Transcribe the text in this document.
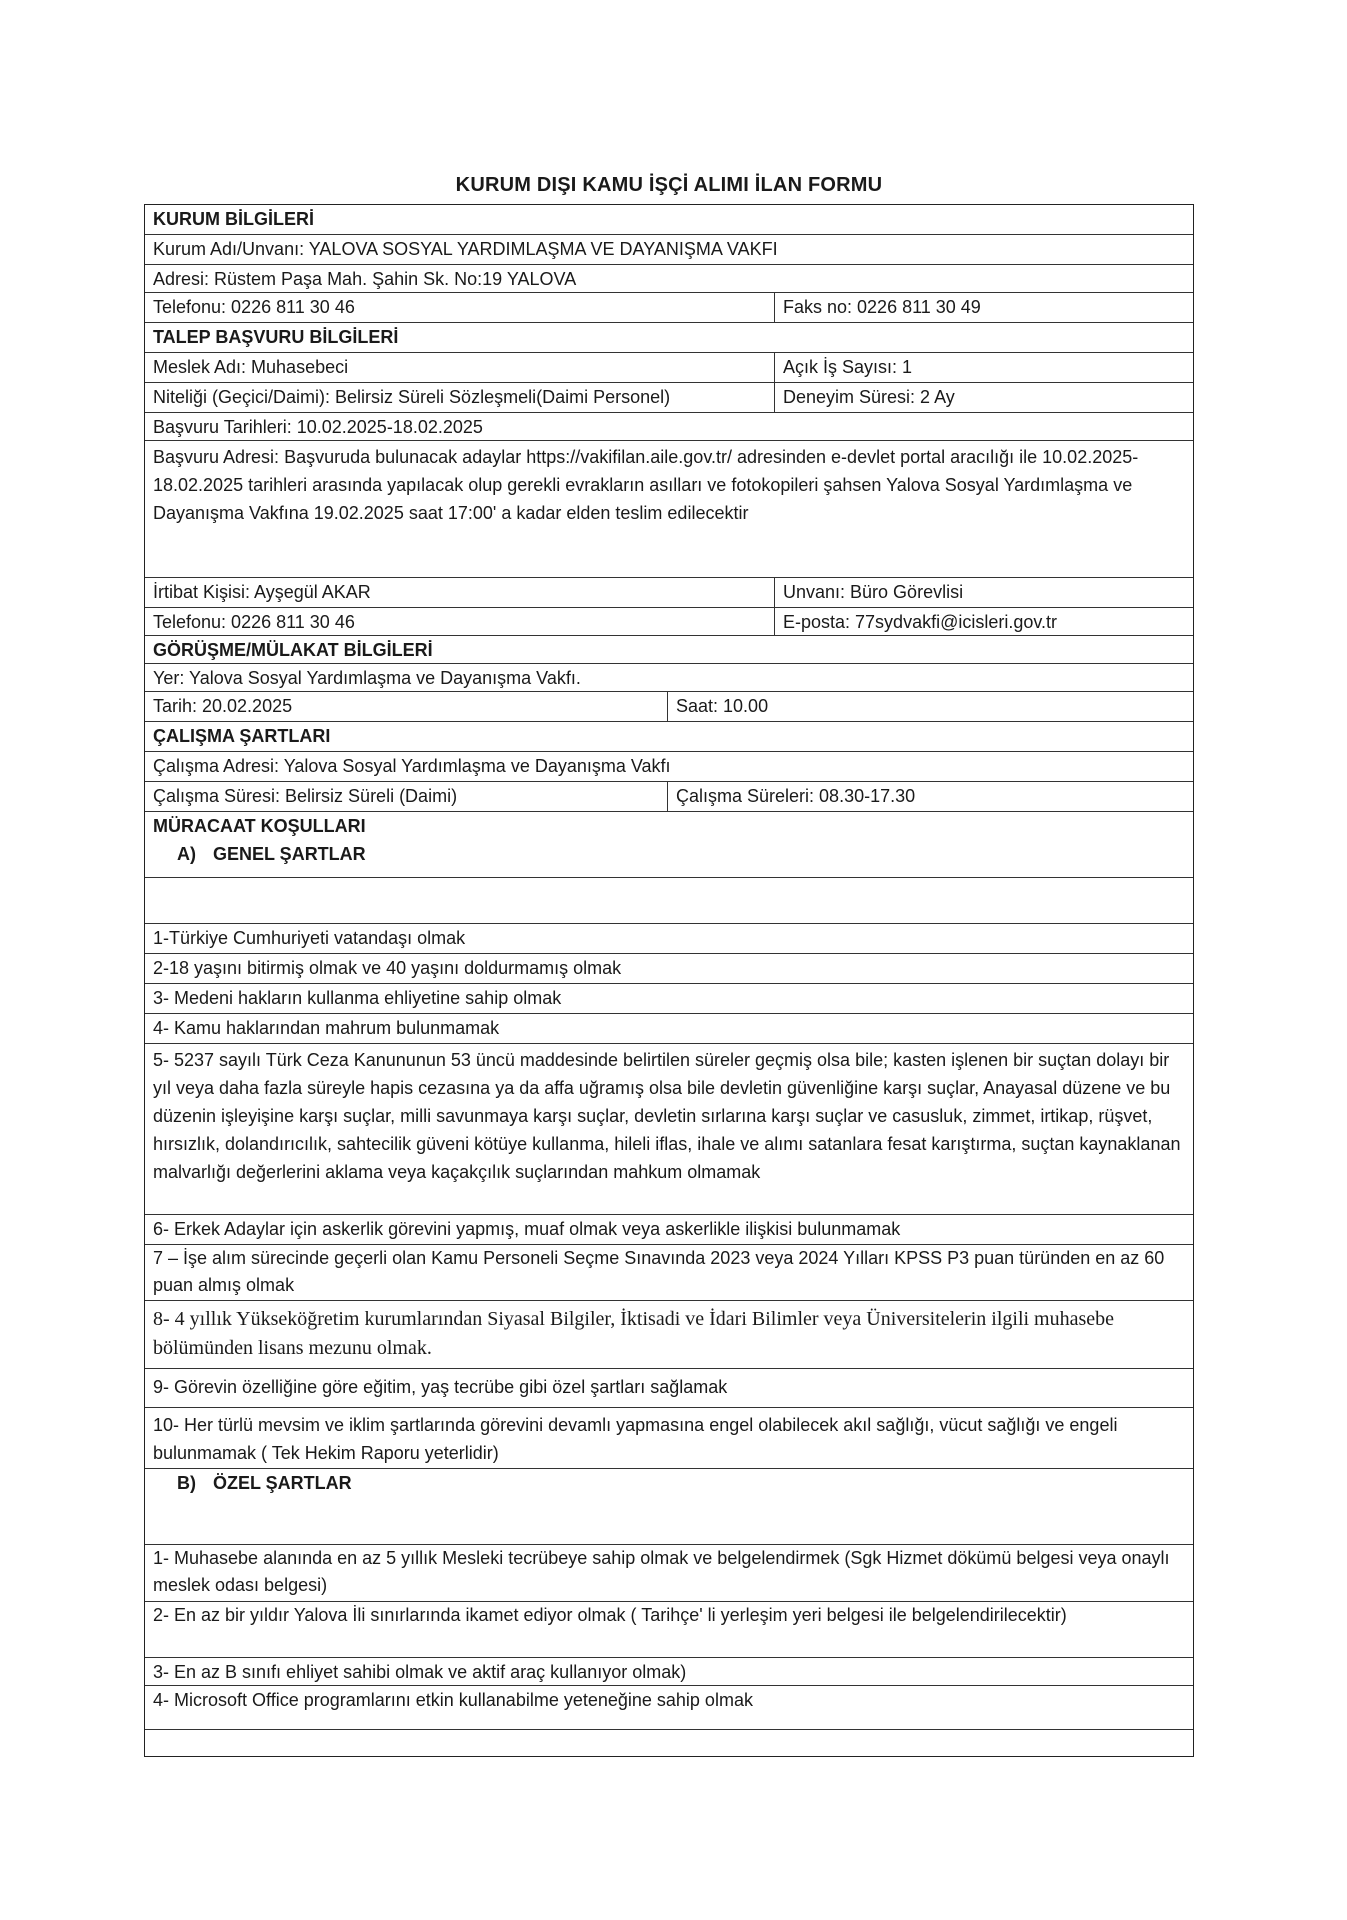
KURUM DIŞI KAMU İŞÇİ ALIMI İLAN FORMU
KURUM BİLGİLERİ
Kurum Adı/Unvanı: YALOVA SOSYAL YARDIMLAŞMA VE DAYANIŞMA VAKFI
Adresi: Rüstem Paşa Mah. Şahin Sk. No:19 YALOVA
Telefonu: 0226 811 30 46	Faks no: 0226 811 30 49
TALEP BAŞVURU BİLGİLERİ
Meslek Adı: Muhasebeci	Açık İş Sayısı: 1
Niteliği (Geçici/Daimi): Belirsiz Süreli Sözleşmeli(Daimi Personel)	Deneyim Süresi: 2 Ay
Başvuru Tarihleri: 10.02.2025-18.02.2025
Başvuru Adresi: Başvuruda bulunacak adaylar https://vakifilan.aile.gov.tr/ adresinden e-devlet portal aracılığı ile 10.02.2025-18.02.2025 tarihleri arasında yapılacak olup gerekli evrakların asılları ve fotokopileri şahsen Yalova Sosyal Yardımlaşma ve Dayanışma Vakfına 19.02.2025 saat 17:00' a kadar elden teslim edilecektir
İrtibat Kişisi: Ayşegül AKAR	Unvanı: Büro Görevlisi
Telefonu: 0226 811 30 46	E-posta: 77sydvakfi@icisleri.gov.tr
GÖRÜŞME/MÜLAKAT BİLGİLERİ
Yer: Yalova Sosyal Yardımlaşma ve Dayanışma Vakfı.
Tarih: 20.02.2025	Saat: 10.00
ÇALIŞMA ŞARTLARI
Çalışma Adresi: Yalova Sosyal Yardımlaşma ve Dayanışma Vakfı
Çalışma Süresi: Belirsiz Süreli (Daimi)	Çalışma Süreleri: 08.30-17.30
MÜRACAAT KOŞULLARI
A) GENEL ŞARTLAR
1-Türkiye Cumhuriyeti vatandaşı olmak
2-18 yaşını bitirmiş olmak ve 40 yaşını doldurmamış olmak
3- Medeni hakların kullanma ehliyetine sahip olmak
4- Kamu haklarından mahrum bulunmamak
5- 5237 sayılı Türk Ceza Kanununun 53 üncü maddesinde belirtilen süreler geçmiş olsa bile; kasten işlenen bir suçtan dolayı bir yıl veya daha fazla süreyle hapis cezasına ya da affa uğramış olsa bile devletin güvenliğine karşı suçlar, Anayasal düzene ve bu düzenin işleyişine karşı suçlar, milli savunmaya karşı suçlar, devletin sırlarına karşı suçlar ve casusluk, zimmet, irtikap, rüşvet, hırsızlık, dolandırıcılık, sahtecilik güveni kötüye kullanma, hileli iflas, ihale ve alımı satanlara fesat karıştırma, suçtan kaynaklanan malvarlığı değerlerini aklama veya kaçakçılık suçlarından mahkum olmamak
6- Erkek Adaylar için askerlik görevini yapmış, muaf olmak veya askerlikle ilişkisi bulunmamak
7 – İşe alım sürecinde geçerli olan Kamu Personeli Seçme Sınavında 2023 veya 2024 Yılları KPSS P3 puan türünden en az 60 puan almış olmak
8- 4 yıllık Yükseköğretim kurumlarından Siyasal Bilgiler, İktisadi ve İdari Bilimler veya Üniversitelerin ilgili muhasebe bölümünden lisans mezunu olmak.
9- Görevin özelliğine göre eğitim, yaş tecrübe gibi özel şartları sağlamak
10- Her türlü mevsim ve iklim şartlarında görevini devamlı yapmasına engel olabilecek akıl sağlığı, vücut sağlığı ve engeli bulunmamak ( Tek Hekim Raporu yeterlidir)
B) ÖZEL ŞARTLAR
1- Muhasebe alanında en az 5 yıllık Mesleki tecrübeye sahip olmak ve belgelendirmek (Sgk Hizmet dökümü belgesi veya onaylı meslek odası belgesi)
2- En az bir yıldır Yalova İli sınırlarında ikamet ediyor olmak ( Tarihçe' li yerleşim yeri belgesi ile belgelendirilecektir)
3- En az B sınıfı ehliyet sahibi olmak ve aktif araç kullanıyor olmak)
4- Microsoft Office programlarını etkin kullanabilme yeteneğine sahip olmak
